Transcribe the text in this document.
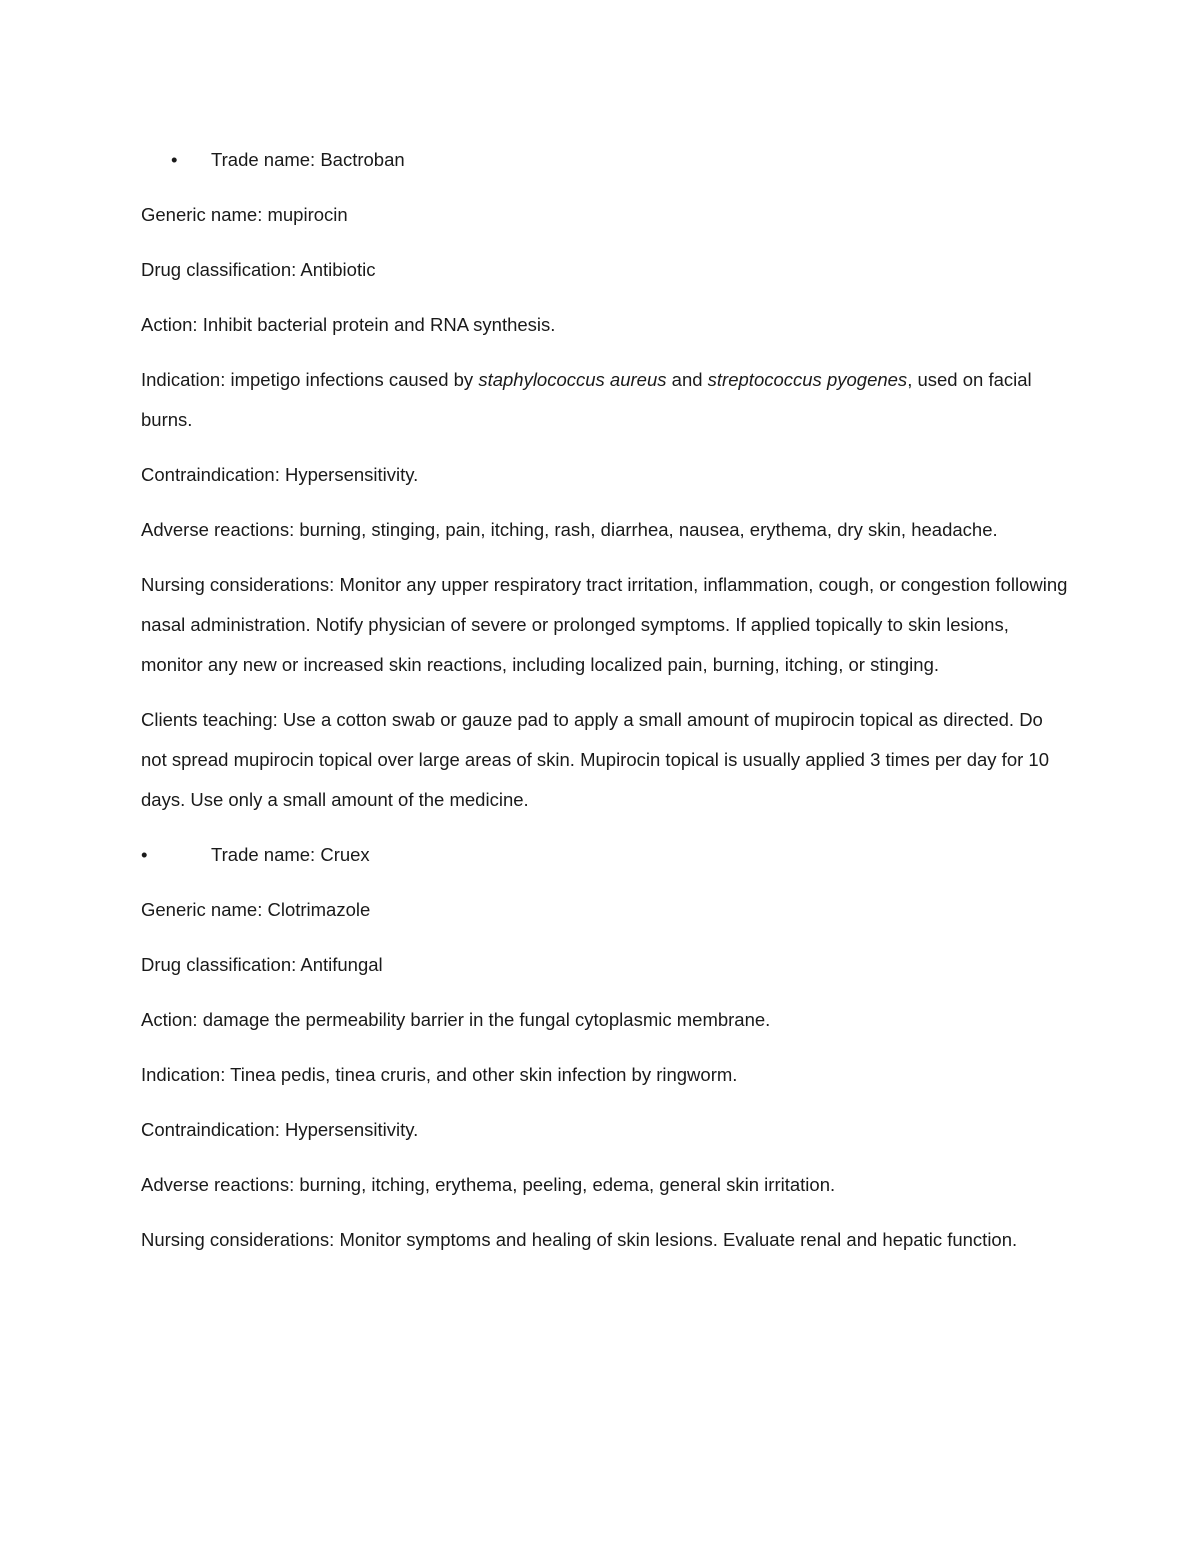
•	Trade name: Bactroban

Generic name: mupirocin

Drug classification: Antibiotic

Action: Inhibit bacterial protein and RNA synthesis.

Indication: impetigo infections caused by staphylococcus aureus and streptococcus pyogenes, used on facial burns.

Contraindication: Hypersensitivity.

Adverse reactions: burning, stinging, pain, itching, rash, diarrhea, nausea, erythema, dry skin, headache.

Nursing considerations: Monitor any upper respiratory tract irritation, inflammation, cough, or congestion following nasal administration. Notify physician of severe or prolonged symptoms. If applied topically to skin lesions, monitor any new or increased skin reactions, including localized pain, burning, itching, or stinging.

Clients teaching: Use a cotton swab or gauze pad to apply a small amount of mupirocin topical as directed. Do not spread mupirocin topical over large areas of skin. Mupirocin topical is usually applied 3 times per day for 10 days. Use only a small amount of the medicine.

•	Trade name: Cruex

Generic name: Clotrimazole

Drug classification: Antifungal

Action: damage the permeability barrier in the fungal cytoplasmic membrane.

Indication: Tinea pedis, tinea cruris, and other skin infection by ringworm.

Contraindication: Hypersensitivity.

Adverse reactions: burning, itching, erythema, peeling, edema, general skin irritation.

Nursing considerations: Monitor symptoms and healing of skin lesions. Evaluate renal and hepatic function.
